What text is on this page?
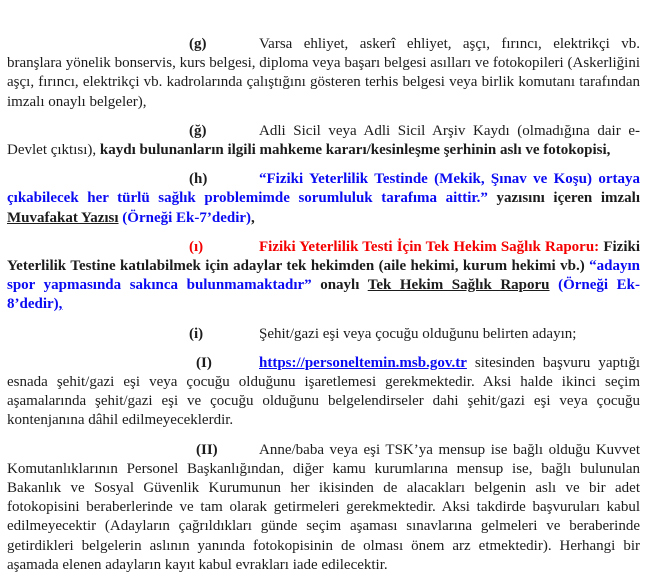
(g)	Varsa ehliyet, askerî ehliyet, aşçı, fırıncı, elektrikçi vb. branşlara yönelik bonservis, kurs belgesi, diploma veya başarı belgesi asılları ve fotokopileri (Askerliğini aşçı, fırıncı, elektrikçi vb. kadrolarında çalıştığını gösteren terhis belgesi veya birlik komutanı tarafından imzalı onaylı belgeler),

(ğ)	Adli Sicil veya Adli Sicil Arşiv Kaydı (olmadığına dair e-Devlet çıktısı), kaydı bulunanların ilgili mahkeme kararı/kesinleşme şerhinin aslı ve fotokopisi,

(h)	“Fiziki Yeterlilik Testinde (Mekik, Şınav ve Koşu) ortaya çıkabilecek her türlü sağlık problemimde sorumluluk tarafıma aittir.” yazısını içeren imzalı Muvafakat Yazısı (Örneği Ek-7’dedir),

(ı)	Fiziki Yeterlilik Testi İçin Tek Hekim Sağlık Raporu: Fiziki Yeterlilik Testine katılabilmek için adaylar tek hekimden (aile hekimi, kurum hekimi vb.) “adayın spor yapmasında sakınca bulunmamaktadır” onaylı Tek Hekim Sağlık Raporu (Örneği Ek-8’dedir),

(i)	Şehit/gazi eşi veya çocuğu olduğunu belirten adayın;

(I)	https://personeltemin.msb.gov.tr sitesinden başvuru yaptığı esnada şehit/gazi eşi veya çocuğu olduğunu işaretlemesi gerekmektedir. Aksi halde ikinci seçim aşamalarında şehit/gazi eşi ve çocuğu olduğunu belgelendirseler dahi şehit/gazi eşi veya çocuğu kontenjanına dâhil edilmeyeceklerdir.

(II)	Anne/baba veya eşi TSK’ya mensup ise bağlı olduğu Kuvvet Komutanlıklarının Personel Başkanlığından, diğer kamu kurumlarına mensup ise, bağlı bulunulan Bakanlık ve Sosyal Güvenlik Kurumunun her ikisinden de alacakları belgenin aslı ve bir adet fotokopisini beraberlerinde ve tam olarak getirmeleri gerekmektedir. Aksi takdirde başvuruları kabul edilmeyecektir (Adayların çağrıldıkları günde seçim aşaması sınavlarına gelmeleri ve beraberinde getirdikleri belgelerin aslının yanında fotokopisinin de olması önem arz etmektedir). Herhangi bir aşamada elenen adayların kayıt kabul evrakları iade edilecektir.
